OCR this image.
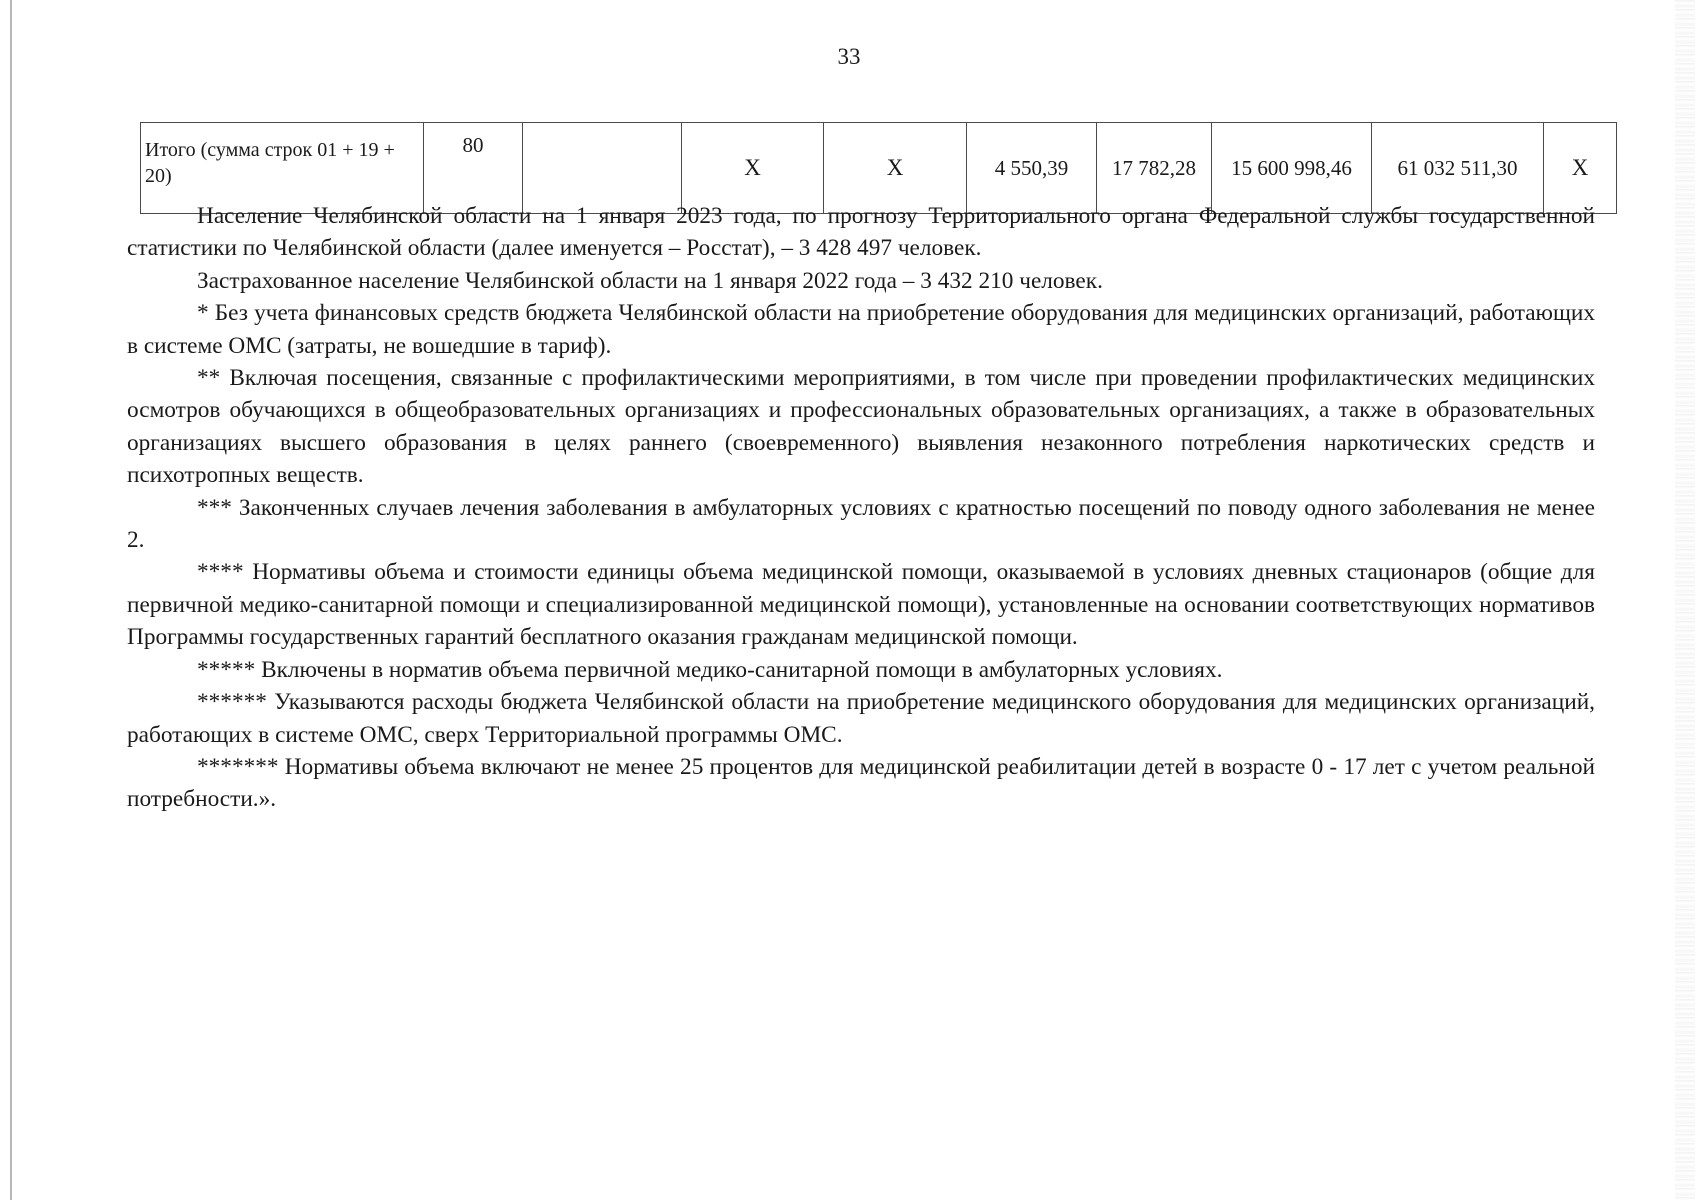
33
Итого (сумма строк 01 + 19 + 20)	80		X	X	4 550,39	17 782,28	15 600 998,46	61 032 511,30	X

Население Челябинской области на 1 января 2023 года, по прогнозу Территориального органа Федеральной службы государственной статистики по Челябинской области (далее именуется – Росстат), – 3 428 497 человек.

Застрахованное население Челябинской области на 1 января 2022 года – 3 432 210 человек.

* Без учета финансовых средств бюджета Челябинской области на приобретение оборудования для медицинских организаций, работающих в системе ОМС (затраты, не вошедшие в тариф).

** Включая посещения, связанные с профилактическими мероприятиями, в том числе при проведении профилактических медицинских осмотров обучающихся в общеобразовательных организациях и профессиональных образовательных организациях, а также в образовательных организациях высшего образования в целях раннего (своевременного) выявления незаконного потребления наркотических средств и психотропных веществ.

*** Законченных случаев лечения заболевания в амбулаторных условиях с кратностью посещений по поводу одного заболевания не менее 2.

**** Нормативы объема и стоимости единицы объема медицинской помощи, оказываемой в условиях дневных стационаров (общие для первичной медико-санитарной помощи и специализированной медицинской помощи), установленные на основании соответствующих нормативов Программы государственных гарантий бесплатного оказания гражданам медицинской помощи.

***** Включены в норматив объема первичной медико-санитарной помощи в амбулаторных условиях.

****** Указываются расходы бюджета Челябинской области на приобретение медицинского оборудования для медицинских организаций, работающих в системе ОМС, сверх Территориальной программы ОМС.

******* Нормативы объема включают не менее 25 процентов для медицинской реабилитации детей в возрасте 0 - 17 лет с учетом реальной потребности.».
